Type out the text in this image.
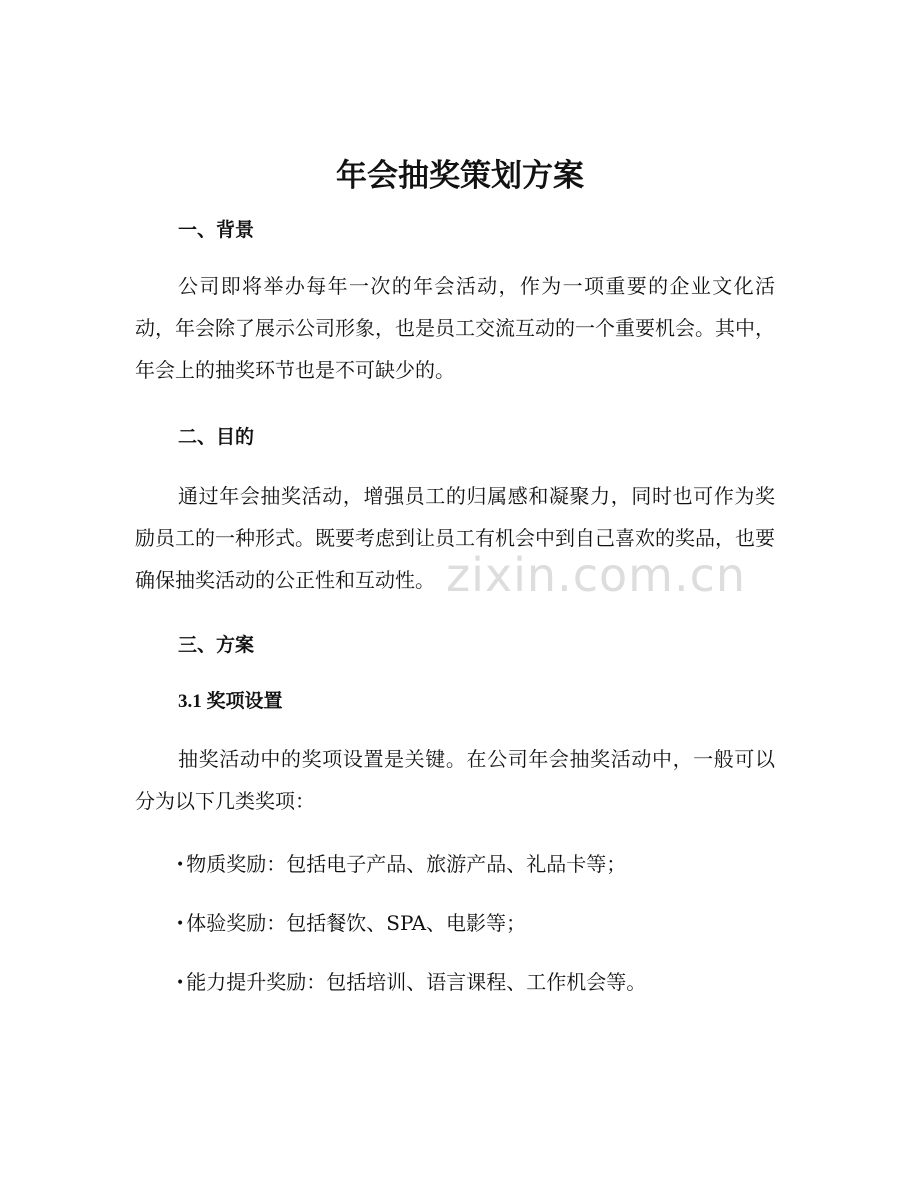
年会抽奖策划方案
一、背景

公司即将举办每年一次的年会活动，作为一项重要的企业文化活动，年会除了展示公司形象，也是员工交流互动的一个重要机会。其中，年会上的抽奖环节也是不可缺少的。

二、目的

通过年会抽奖活动，增强员工的归属感和凝聚力，同时也可作为奖励员工的一种形式。既要考虑到让员工有机会中到自己喜欢的奖品，也要确保抽奖活动的公正性和互动性。

三、方案
3.1 奖项设置

抽奖活动中的奖项设置是关键。在公司年会抽奖活动中，一般可以分为以下几类奖项：

• 物质奖励：包括电子产品、旅游产品、礼品卡等；

• 体验奖励：包括餐饮、SPA、电影等；

• 能力提升奖励：包括培训、语言课程、工作机会等。

zixin.com.cn
